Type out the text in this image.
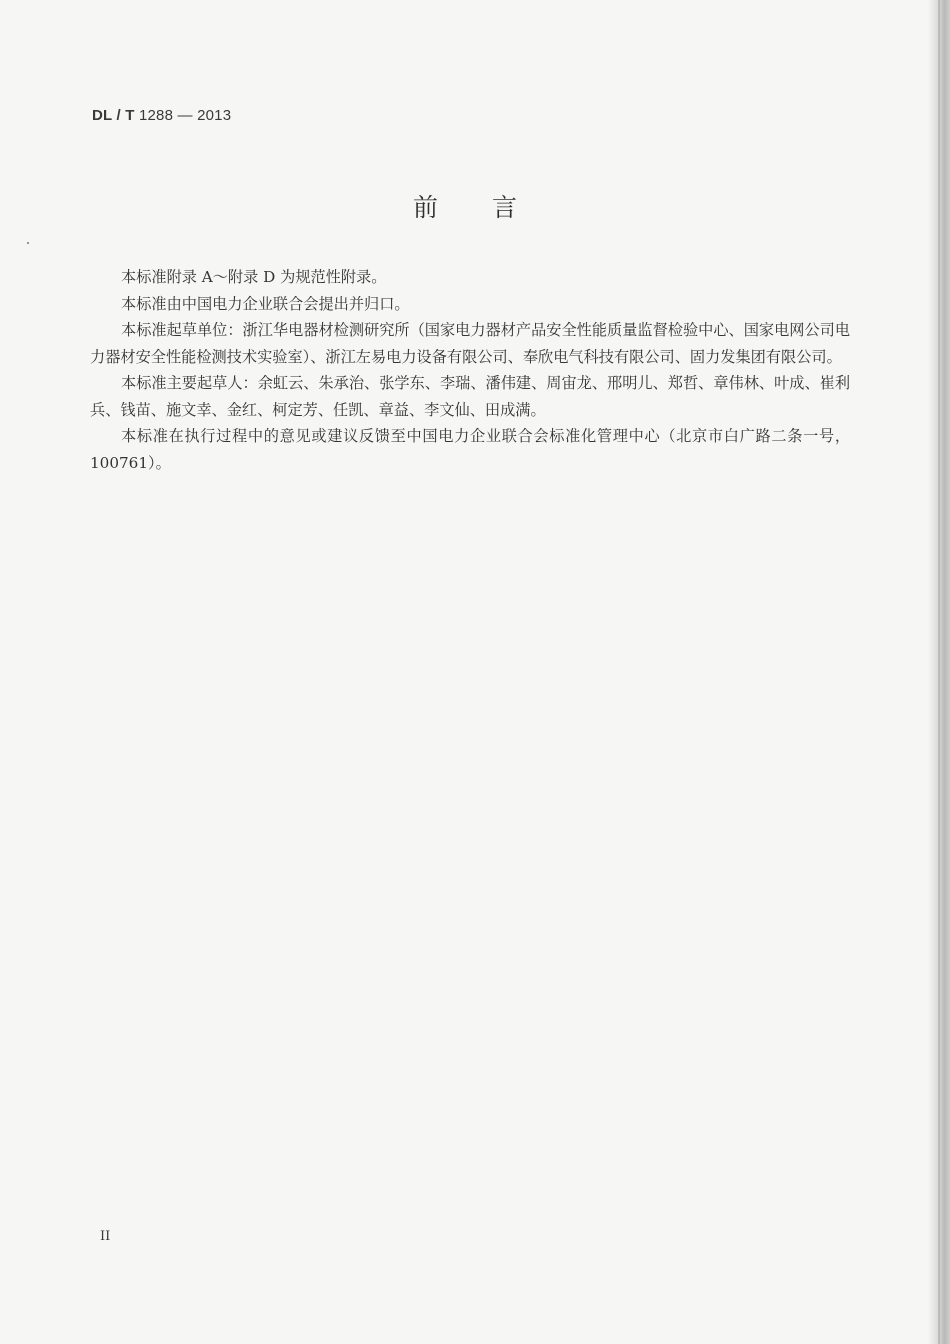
DL / T 1288 — 2013
前言

本标准附录 A～附录 D 为规范性附录。

本标准由中国电力企业联合会提出并归口。

本标准起草单位：浙江华电器材检测研究所（国家电力器材产品安全性能质量监督检验中心、国家电网公司电力器材安全性能检测技术实验室）、浙江左易电力设备有限公司、奉欣电气科技有限公司、固力发集团有限公司。

本标准主要起草人：余虹云、朱承治、张学东、李瑞、潘伟建、周宙龙、邢明儿、郑哲、章伟林、叶成、崔利兵、钱苗、施文幸、金红、柯定芳、任凯、章益、李文仙、田成满。

本标准在执行过程中的意见或建议反馈至中国电力企业联合会标准化管理中心（北京市白广路二条一号，100761）。

II
